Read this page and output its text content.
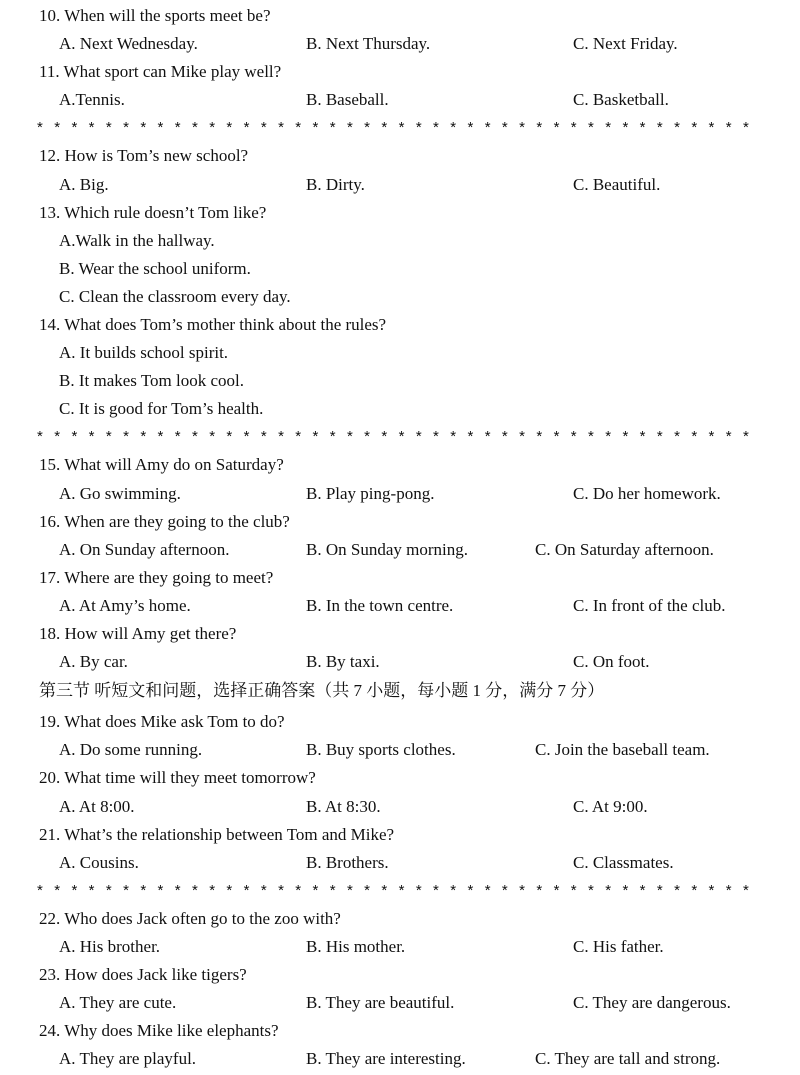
10. When will the sports meet be?
A. Next Wednesday.	B. Next Thursday.	C. Next Friday.
11. What sport can Mike play well?
A.Tennis.	B. Baseball.	C. Basketball.
* * * * * * * * * * * * * * * * * * * * * * * * * * * * * * * * * * * * * * * * * *
12. How is Tom’s new school?
A. Big.	B. Dirty.	C. Beautiful.
13. Which rule doesn’t Tom like?
A.Walk in the hallway.
B. Wear the school uniform.
C. Clean the classroom every day.
14. What does Tom’s mother think about the rules?
A. It builds school spirit.
B. It makes Tom look cool.
C. It is good for Tom’s health.
* * * * * * * * * * * * * * * * * * * * * * * * * * * * * * * * * * * * * * * * * *
15. What will Amy do on Saturday?
A. Go swimming.	B. Play ping-pong.	C. Do her homework.
16. When are they going to the club?
A. On Sunday afternoon.	B. On Sunday morning.	C. On Saturday afternoon.
17. Where are they going to meet?
A. At Amy’s home.	B. In the town centre.	C. In front of the club.
18. How will Amy get there?
A. By car.	B. By taxi.	C. On foot.
第三节 听短文和问题，选择正确答案（共 7 小题，每小题 1 分，满分 7 分）
19. What does Mike ask Tom to do?
A. Do some running.	B. Buy sports clothes.	C. Join the baseball team.
20. What time will they meet tomorrow?
A. At 8:00.	B. At 8:30.	C. At 9:00.
21. What’s the relationship between Tom and Mike?
A. Cousins.	B. Brothers.	C. Classmates.
* * * * * * * * * * * * * * * * * * * * * * * * * * * * * * * * * * * * * * * * * *
22. Who does Jack often go to the zoo with?
A. His brother.	B. His mother.	C. His father.
23. How does Jack like tigers?
A. They are cute.	B. They are beautiful.	C. They are dangerous.
24. Why does Mike like elephants?
A. They are playful.	B. They are interesting.	C. They are tall and strong.
